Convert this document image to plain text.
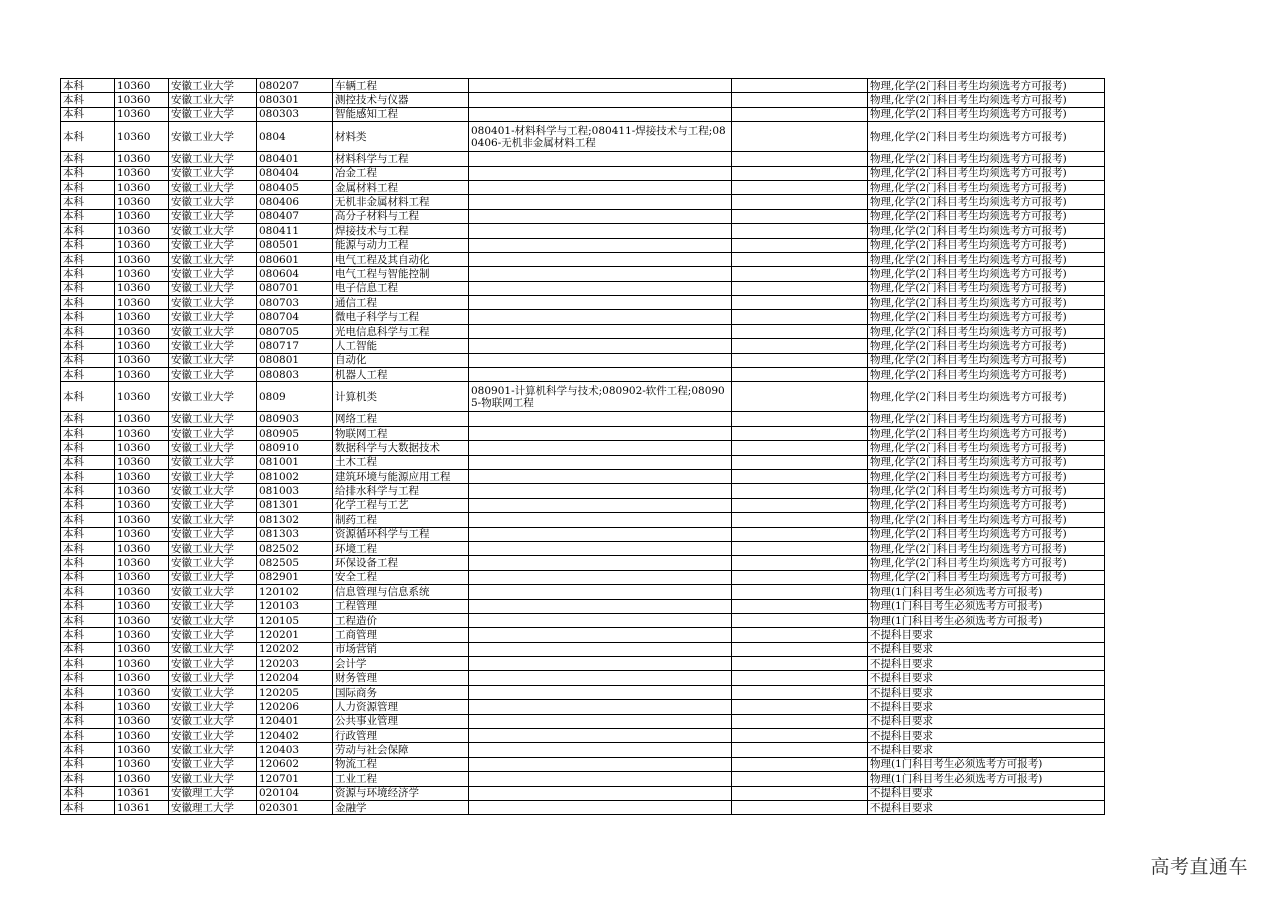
本科	10360	安徽工业大学	080207	车辆工程			物理,化学(2门科目考生均须选考方可报考)
本科	10360	安徽工业大学	080301	测控技术与仪器			物理,化学(2门科目考生均须选考方可报考)
本科	10360	安徽工业大学	080303	智能感知工程			物理,化学(2门科目考生均须选考方可报考)
本科	10360	安徽工业大学	0804	材料类	080401-材料科学与工程;080411-焊接技术与工程;080406-无机非金属材料工程		物理,化学(2门科目考生均须选考方可报考)
本科	10360	安徽工业大学	080401	材料科学与工程			物理,化学(2门科目考生均须选考方可报考)
本科	10360	安徽工业大学	080404	冶金工程			物理,化学(2门科目考生均须选考方可报考)
本科	10360	安徽工业大学	080405	金属材料工程			物理,化学(2门科目考生均须选考方可报考)
本科	10360	安徽工业大学	080406	无机非金属材料工程			物理,化学(2门科目考生均须选考方可报考)
本科	10360	安徽工业大学	080407	高分子材料与工程			物理,化学(2门科目考生均须选考方可报考)
本科	10360	安徽工业大学	080411	焊接技术与工程			物理,化学(2门科目考生均须选考方可报考)
本科	10360	安徽工业大学	080501	能源与动力工程			物理,化学(2门科目考生均须选考方可报考)
本科	10360	安徽工业大学	080601	电气工程及其自动化			物理,化学(2门科目考生均须选考方可报考)
本科	10360	安徽工业大学	080604	电气工程与智能控制			物理,化学(2门科目考生均须选考方可报考)
本科	10360	安徽工业大学	080701	电子信息工程			物理,化学(2门科目考生均须选考方可报考)
本科	10360	安徽工业大学	080703	通信工程			物理,化学(2门科目考生均须选考方可报考)
本科	10360	安徽工业大学	080704	微电子科学与工程			物理,化学(2门科目考生均须选考方可报考)
本科	10360	安徽工业大学	080705	光电信息科学与工程			物理,化学(2门科目考生均须选考方可报考)
本科	10360	安徽工业大学	080717	人工智能			物理,化学(2门科目考生均须选考方可报考)
本科	10360	安徽工业大学	080801	自动化			物理,化学(2门科目考生均须选考方可报考)
本科	10360	安徽工业大学	080803	机器人工程			物理,化学(2门科目考生均须选考方可报考)
本科	10360	安徽工业大学	0809	计算机类	080901-计算机科学与技术;080902-软件工程;080905-物联网工程		物理,化学(2门科目考生均须选考方可报考)
本科	10360	安徽工业大学	080903	网络工程			物理,化学(2门科目考生均须选考方可报考)
本科	10360	安徽工业大学	080905	物联网工程			物理,化学(2门科目考生均须选考方可报考)
本科	10360	安徽工业大学	080910	数据科学与大数据技术			物理,化学(2门科目考生均须选考方可报考)
本科	10360	安徽工业大学	081001	土木工程			物理,化学(2门科目考生均须选考方可报考)
本科	10360	安徽工业大学	081002	建筑环境与能源应用工程			物理,化学(2门科目考生均须选考方可报考)
本科	10360	安徽工业大学	081003	给排水科学与工程			物理,化学(2门科目考生均须选考方可报考)
本科	10360	安徽工业大学	081301	化学工程与工艺			物理,化学(2门科目考生均须选考方可报考)
本科	10360	安徽工业大学	081302	制药工程			物理,化学(2门科目考生均须选考方可报考)
本科	10360	安徽工业大学	081303	资源循环科学与工程			物理,化学(2门科目考生均须选考方可报考)
本科	10360	安徽工业大学	082502	环境工程			物理,化学(2门科目考生均须选考方可报考)
本科	10360	安徽工业大学	082505	环保设备工程			物理,化学(2门科目考生均须选考方可报考)
本科	10360	安徽工业大学	082901	安全工程			物理,化学(2门科目考生均须选考方可报考)
本科	10360	安徽工业大学	120102	信息管理与信息系统			物理(1门科目考生必须选考方可报考)
本科	10360	安徽工业大学	120103	工程管理			物理(1门科目考生必须选考方可报考)
本科	10360	安徽工业大学	120105	工程造价			物理(1门科目考生必须选考方可报考)
本科	10360	安徽工业大学	120201	工商管理			不提科目要求
本科	10360	安徽工业大学	120202	市场营销			不提科目要求
本科	10360	安徽工业大学	120203	会计学			不提科目要求
本科	10360	安徽工业大学	120204	财务管理			不提科目要求
本科	10360	安徽工业大学	120205	国际商务			不提科目要求
本科	10360	安徽工业大学	120206	人力资源管理			不提科目要求
本科	10360	安徽工业大学	120401	公共事业管理			不提科目要求
本科	10360	安徽工业大学	120402	行政管理			不提科目要求
本科	10360	安徽工业大学	120403	劳动与社会保障			不提科目要求
本科	10360	安徽工业大学	120602	物流工程			物理(1门科目考生必须选考方可报考)
本科	10360	安徽工业大学	120701	工业工程			物理(1门科目考生必须选考方可报考)
本科	10361	安徽理工大学	020104	资源与环境经济学			不提科目要求
本科	10361	安徽理工大学	020301	金融学			不提科目要求
高考直通车
